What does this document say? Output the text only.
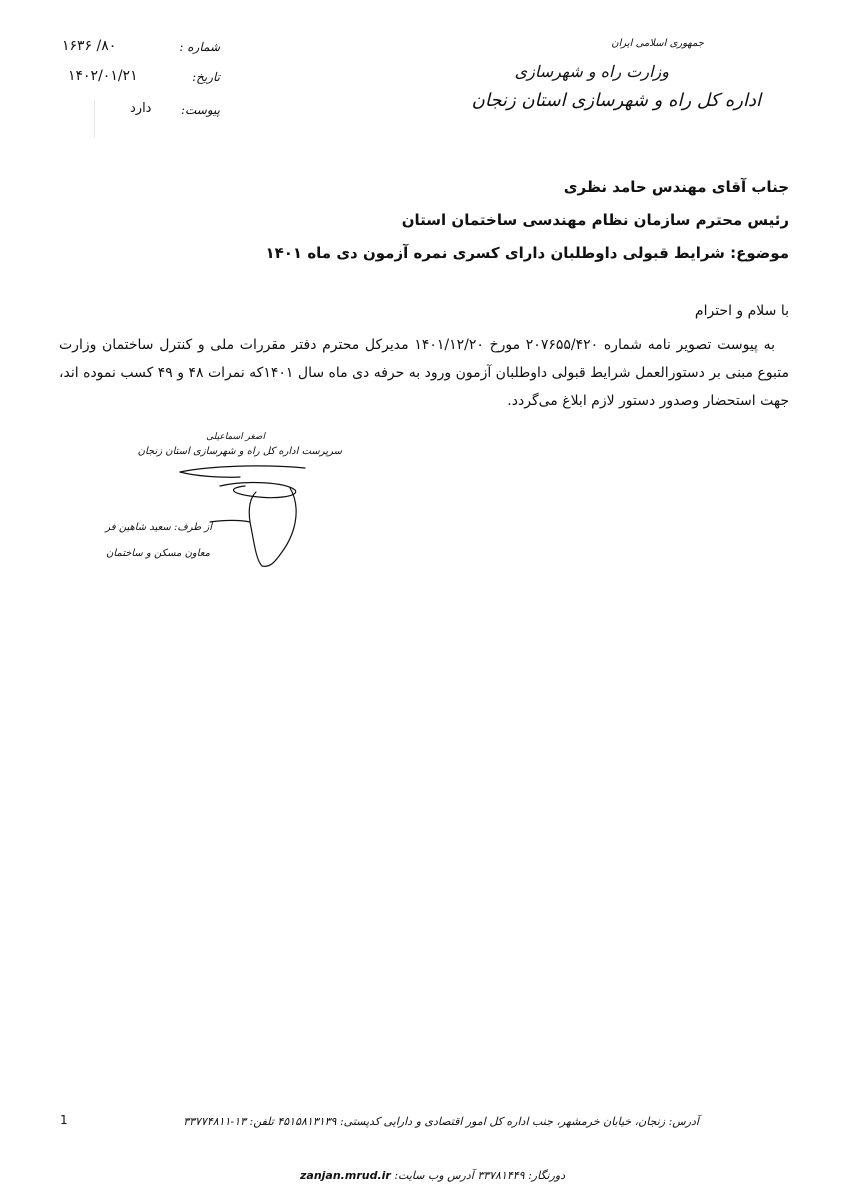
جمهوری اسلامی ایران
وزارت راه و شهرسازی
اداره کل راه و شهرسازی استان زنجان
شماره :
۸۰/ ۱۶۳۶
تاریخ:
۱۴۰۲/۰۱/۲۱
پیوست:
دارد
جناب آقای مهندس حامد نظری
رئیس محترم سازمان نظام مهندسی ساختمان استان
موضوع: شرایط قبولی داوطلبان دارای کسری نمره آزمون دی ماه ۱۴۰۱
با سلام و احترام
به پیوست تصویر نامه شماره ۲۰۷۶۵۵/۴۲۰ مورخ ۱۴۰۱/۱۲/۲۰ مدیرکل محترم دفتر مقررات ملی و کنترل ساختمان وزارت متبوع مبنی بر دستورالعمل شرایط قبولی داوطلبان آزمون ورود به حرفه دی ماه سال ۱۴۰۱که نمرات ۴۸ و ۴۹ کسب نموده اند، جهت استحضار وصدور دستور لازم ابلاغ می‌گردد.
اصغر اسماعیلی
سرپرست اداره کل راه و شهرسازی استان زنجان
از طرف: سعید شاهین فر
معاون مسکن و ساختمان
1	آدرس: زنجان، خیابان خرمشهر، جنب اداره کل امور اقتصادی و دارایی کدپستی: ۴۵۱۵۸۱۳۱۳۹ تلفن: ۱۳-۳۳۷۷۴۸۱۱
دورنگار: ۳۳۷۸۱۴۴۹ آدرس وب سایت: zanjan.mrud.ir
